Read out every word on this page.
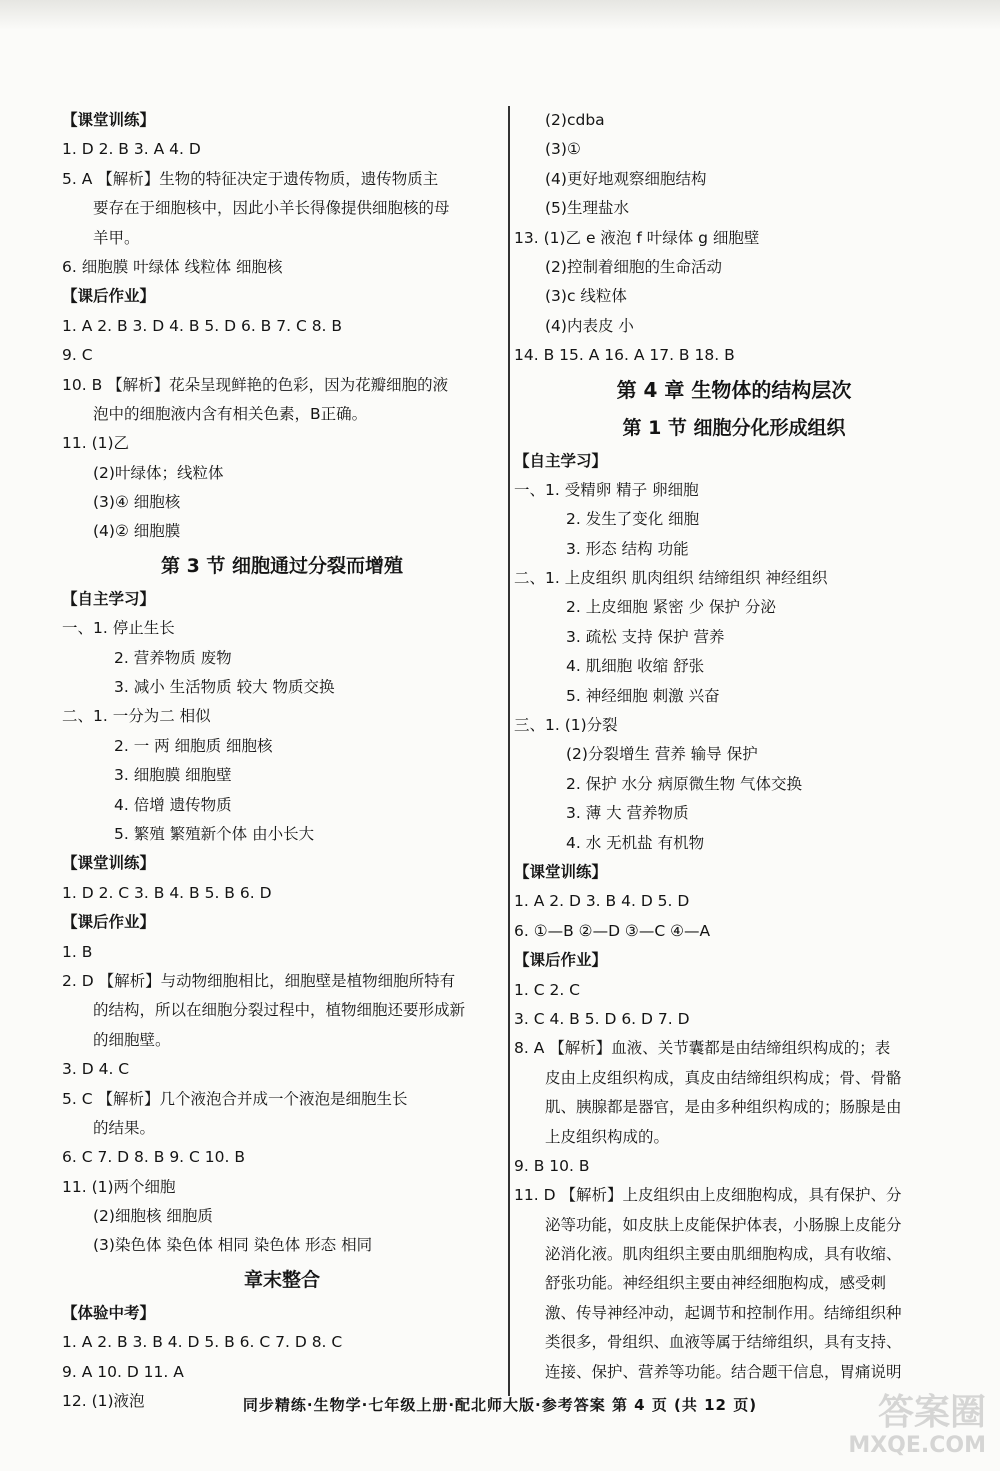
【课堂训练】
1. D 2. B 3. A 4. D
5. A 【解析】生物的特征决定于遗传物质，遗传物质主
要存在于细胞核中，因此小羊长得像提供细胞核的母
羊甲。
6. 细胞膜 叶绿体 线粒体 细胞核
【课后作业】
1. A 2. B 3. D 4. B 5. D 6. B 7. C 8. B
9. C
10. B 【解析】花朵呈现鲜艳的色彩，因为花瓣细胞的液
泡中的细胞液内含有相关色素，B正确。
11. (1)乙
(2)叶绿体；线粒体
(3)④ 细胞核
(4)② 细胞膜
第 3 节 细胞通过分裂而增殖
【自主学习】
一、1. 停止生长
2. 营养物质 废物
3. 减小 生活物质 较大 物质交换
二、1. 一分为二 相似
2. 一 两 细胞质 细胞核
3. 细胞膜 细胞壁
4. 倍增 遗传物质
5. 繁殖 繁殖新个体 由小长大
【课堂训练】
1. D 2. C 3. B 4. B 5. B 6. D
【课后作业】
1. B
2. D 【解析】与动物细胞相比，细胞壁是植物细胞所特有
的结构，所以在细胞分裂过程中，植物细胞还要形成新
的细胞壁。
3. D 4. C
5. C 【解析】几个液泡合并成一个液泡是细胞生长
的结果。
6. C 7. D 8. B 9. C 10. B
11. (1)两个细胞
(2)细胞核 细胞质
(3)染色体 染色体 相同 染色体 形态 相同
章末整合
【体验中考】
1. A 2. B 3. B 4. D 5. B 6. C 7. D 8. C
9. A 10. D 11. A
12. (1)液泡
(2)cdba
(3)①
(4)更好地观察细胞结构
(5)生理盐水
13. (1)乙 e 液泡 f 叶绿体 g 细胞壁
(2)控制着细胞的生命活动
(3)c 线粒体
(4)内表皮 小
14. B 15. A 16. A 17. B 18. B
第 4 章 生物体的结构层次
第 1 节 细胞分化形成组织
【自主学习】
一、1. 受精卵 精子 卵细胞
2. 发生了变化 细胞
3. 形态 结构 功能
二、1. 上皮组织 肌肉组织 结缔组织 神经组织
2. 上皮细胞 紧密 少 保护 分泌
3. 疏松 支持 保护 营养
4. 肌细胞 收缩 舒张
5. 神经细胞 刺激 兴奋
三、1. (1)分裂
(2)分裂增生 营养 输导 保护
2. 保护 水分 病原微生物 气体交换
3. 薄 大 营养物质
4. 水 无机盐 有机物
【课堂训练】
1. A 2. D 3. B 4. D 5. D
6. ①—B ②—D ③—C ④—A
【课后作业】
1. C 2. C
3. C 4. B 5. D 6. D 7. D
8. A 【解析】血液、关节囊都是由结缔组织构成的；表
皮由上皮组织构成，真皮由结缔组织构成；骨、骨骼
肌、胰腺都是器官，是由多种组织构成的；肠腺是由
上皮组织构成的。
9. B 10. B
11. D 【解析】上皮组织由上皮细胞构成，具有保护、分
泌等功能，如皮肤上皮能保护体表，小肠腺上皮能分
泌消化液。肌肉组织主要由肌细胞构成，具有收缩、
舒张功能。神经组织主要由神经细胞构成，感受刺
激、传导神经冲动，起调节和控制作用。结缔组织种
类很多，骨组织、血液等属于结缔组织，具有支持、
连接、保护、营养等功能。结合题干信息，胃痛说明
同步精练·生物学·七年级上册·配北师大版·参考答案 第 4 页 (共 12 页)	答案圈
MXQE.COM
